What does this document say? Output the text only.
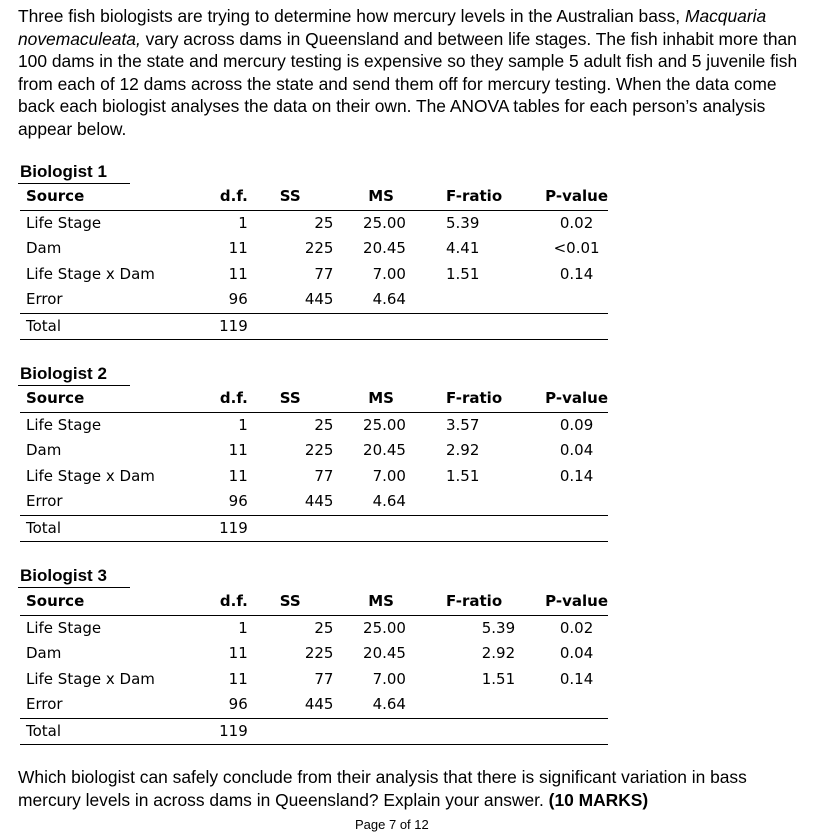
Three fish biologists are trying to determine how mercury levels in the Australian bass, Macquaria novemaculeata, vary across dams in Queensland and between life stages. The fish inhabit more than 100 dams in the state and mercury testing is expensive so they sample 5 adult fish and 5 juvenile fish from each of 12 dams across the state and send them off for mercury testing. When the data come back each biologist analyses the data on their own. The ANOVA tables for each person’s analysis appear below.

Biologist 1
Source	d.f.	SS	MS	F-ratio	P-value
Life Stage	1	25	25.00	5.39	0.02
Dam	11	225	20.45	4.41	<0.01
Life Stage x Dam	11	77	7.00	1.51	0.14
Error	96	445	4.64		
Total	119				
Biologist 2
Source	d.f.	SS	MS	F-ratio	P-value
Life Stage	1	25	25.00	3.57	0.09
Dam	11	225	20.45	2.92	0.04
Life Stage x Dam	11	77	7.00	1.51	0.14
Error	96	445	4.64		
Total	119				
Biologist 3
Source	d.f.	SS	MS	F-ratio	P-value
Life Stage	1	25	25.00	5.39	0.02
Dam	11	225	20.45	2.92	0.04
Life Stage x Dam	11	77	7.00	1.51	0.14
Error	96	445	4.64		
Total	119				

Which biologist can safely conclude from their analysis that there is significant variation in bass mercury levels in across dams in Queensland? Explain your answer. (10 MARKS)

Page 7 of 12
